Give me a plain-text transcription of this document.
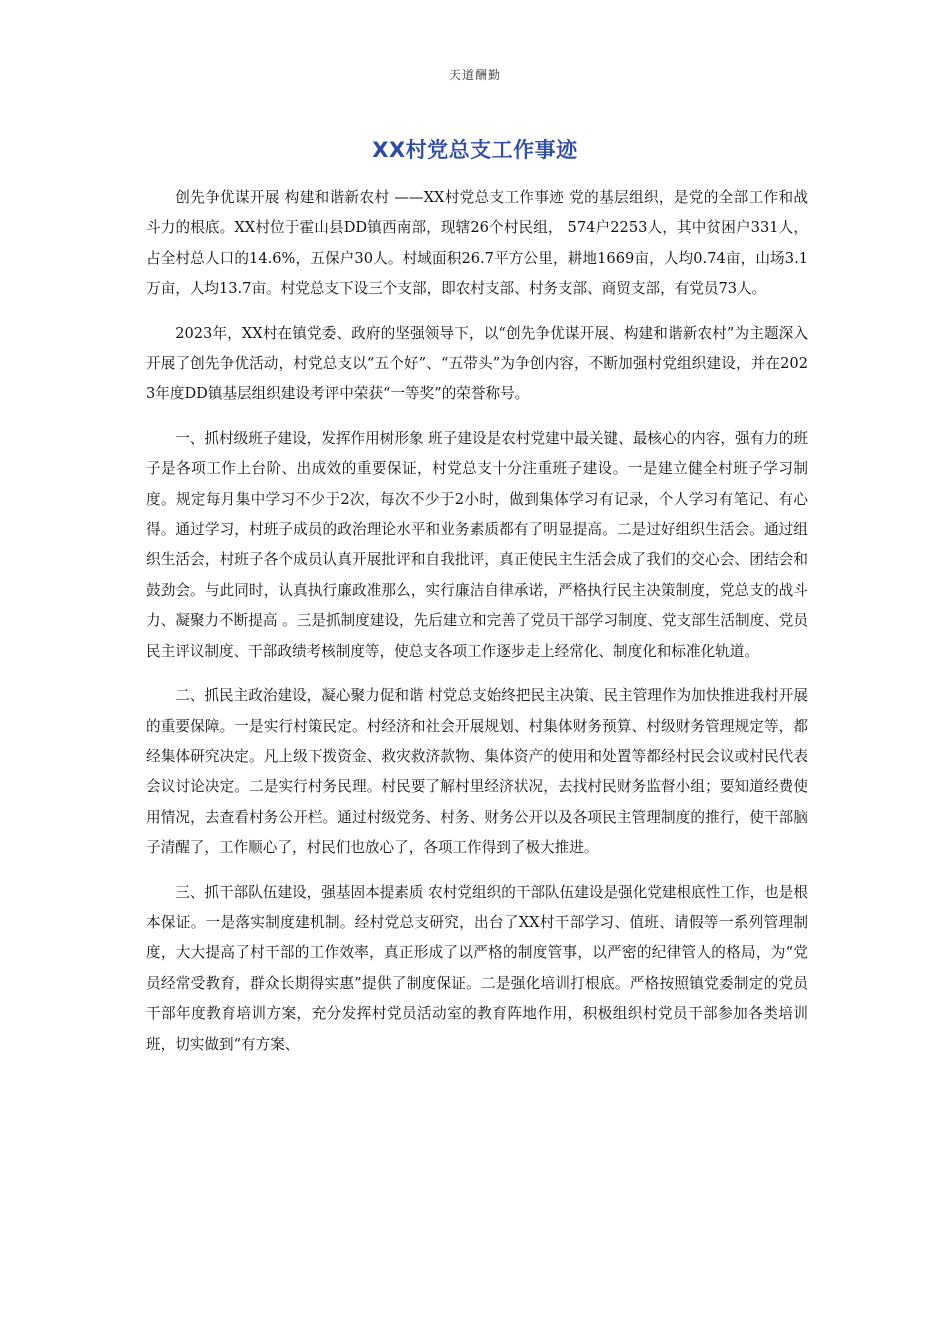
天道酬勤
XX村党总支工作事迹

创先争优谋开展 构建和谐新农村 ——XX村党总支工作事迹 党的基层组织，是党的全部工作和战斗力的根底。XX村位于霍山县DD镇西南部，现辖26个村民组， 574户2253人，其中贫困户331人，占全村总人口的14.6%，五保户30人。村域面积26.7平方公里，耕地1669亩，人均0.74亩，山场3.1万亩，人均13.7亩。村党总支下设三个支部，即农村支部、村务支部、商贸支部，有党员73人。

2023年，XX村在镇党委、政府的坚强领导下，以“创先争优谋开展、构建和谐新农村”为主题深入开展了创先争优活动，村党总支以“五个好”、“五带头”为争创内容，不断加强村党组织建设，并在2023年度DD镇基层组织建设考评中荣获“一等奖”的荣誉称号。

一、抓村级班子建设，发挥作用树形象 班子建设是农村党建中最关键、最核心的内容，强有力的班子是各项工作上台阶、出成效的重要保证，村党总支十分注重班子建设。一是建立健全村班子学习制度。规定每月集中学习不少于2次，每次不少于2小时，做到集体学习有记录，个人学习有笔记、有心得。通过学习，村班子成员的政治理论水平和业务素质都有了明显提高。二是过好组织生活会。通过组织生活会，村班子各个成员认真开展批评和自我批评，真正使民主生活会成了我们的交心会、团结会和鼓劲会。与此同时，认真执行廉政准那么，实行廉洁自律承诺，严格执行民主决策制度，党总支的战斗力、凝聚力不断提高 。三是抓制度建设，先后建立和完善了党员干部学习制度、党支部生活制度、党员民主评议制度、干部政绩考核制度等，使总支各项工作逐步走上经常化、制度化和标准化轨道。

二、抓民主政治建设，凝心聚力促和谐 村党总支始终把民主决策、民主管理作为加快推进我村开展的重要保障。一是实行村策民定。村经济和社会开展规划、村集体财务预算、村级财务管理规定等，都经集体研究决定。凡上级下拨资金、救灾救济款物、集体资产的使用和处置等都经村民会议或村民代表会议讨论决定。二是实行村务民理。村民要了解村里经济状况，去找村民财务监督小组；要知道经费使用情况，去查看村务公开栏。通过村级党务、村务、财务公开以及各项民主管理制度的推行，使干部脑子清醒了，工作顺心了，村民们也放心了，各项工作得到了极大推进。

三、抓干部队伍建设，强基固本提素质 农村党组织的干部队伍建设是强化党建根底性工作，也是根本保证。一是落实制度建机制。经村党总支研究，出台了XX村干部学习、值班、请假等一系列管理制度，大大提高了村干部的工作效率，真正形成了以严格的制度管事，以严密的纪律管人的格局，为“党员经常受教育，群众长期得实惠”提供了制度保证。二是强化培训打根底。严格按照镇党委制定的党员干部年度教育培训方案，充分发挥村党员活动室的教育阵地作用，积极组织村党员干部参加各类培训班，切实做到“有方案、
